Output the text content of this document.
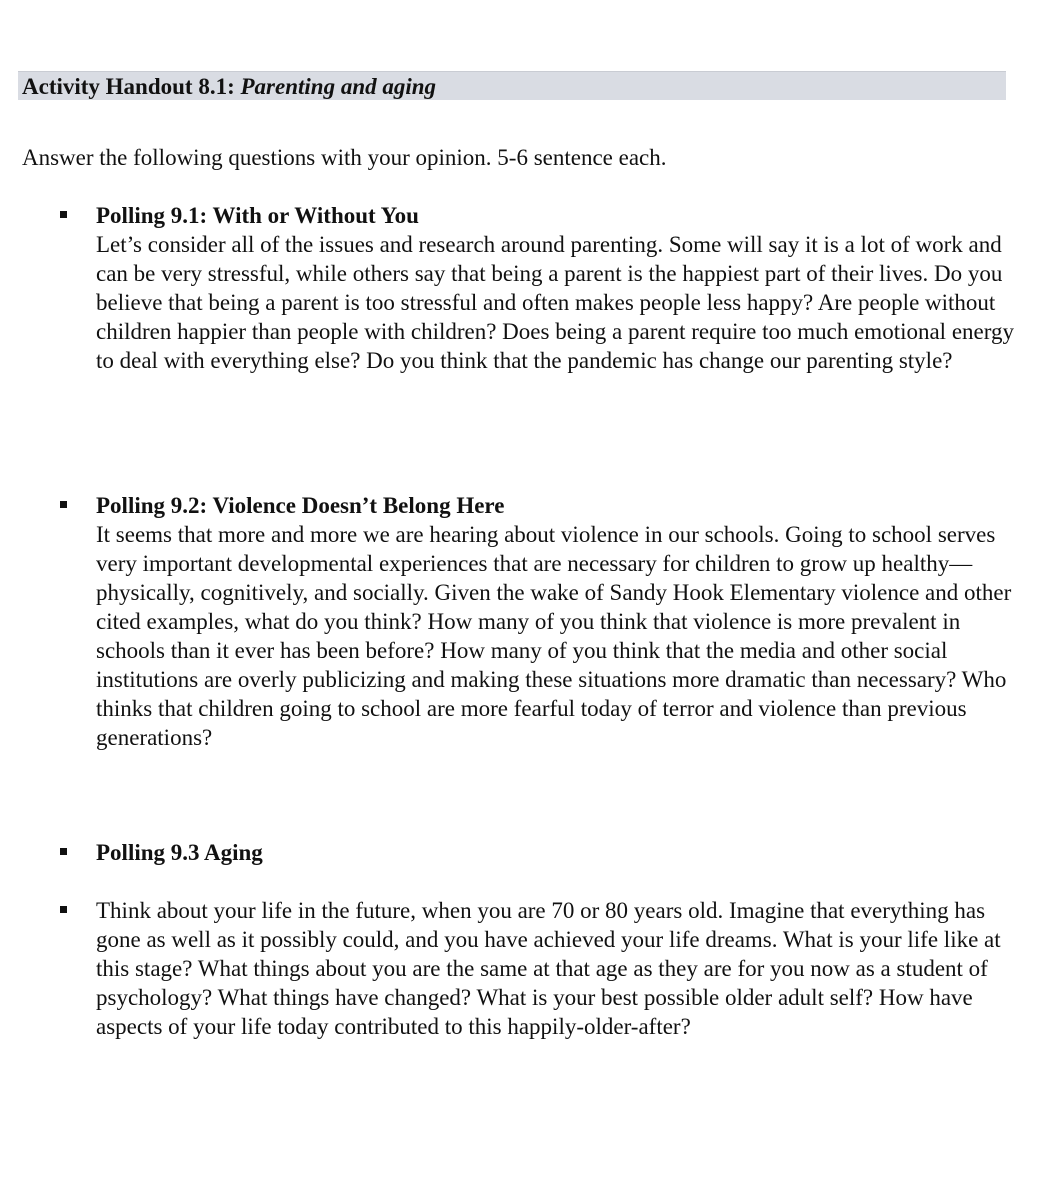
Activity Handout 8.1: Parenting and aging
Answer the following questions with your opinion. 5-6 sentence each.
Polling 9.1: With or Without You
Let’s consider all of the issues and research around parenting. Some will say it is a lot of work and can be very stressful, while others say that being a parent is the happiest part of their lives. Do you believe that being a parent is too stressful and often makes people less happy? Are people without children happier than people with children? Does being a parent require too much emotional energy to deal with everything else? Do you think that the pandemic has change our parenting style?
Polling 9.2: Violence Doesn’t Belong Here
It seems that more and more we are hearing about violence in our schools. Going to school serves very important developmental experiences that are necessary for children to grow up healthy—physically, cognitively, and socially. Given the wake of Sandy Hook Elementary violence and other cited examples, what do you think? How many of you think that violence is more prevalent in schools than it ever has been before? How many of you think that the media and other social institutions are overly publicizing and making these situations more dramatic than necessary? Who thinks that children going to school are more fearful today of terror and violence than previous generations?
Polling 9.3 Aging
Think about your life in the future, when you are 70 or 80 years old. Imagine that everything has gone as well as it possibly could, and you have achieved your life dreams. What is your life like at this stage? What things about you are the same at that age as they are for you now as a student of psychology? What things have changed? What is your best possible older adult self? How have aspects of your life today contributed to this happily-older-after?
